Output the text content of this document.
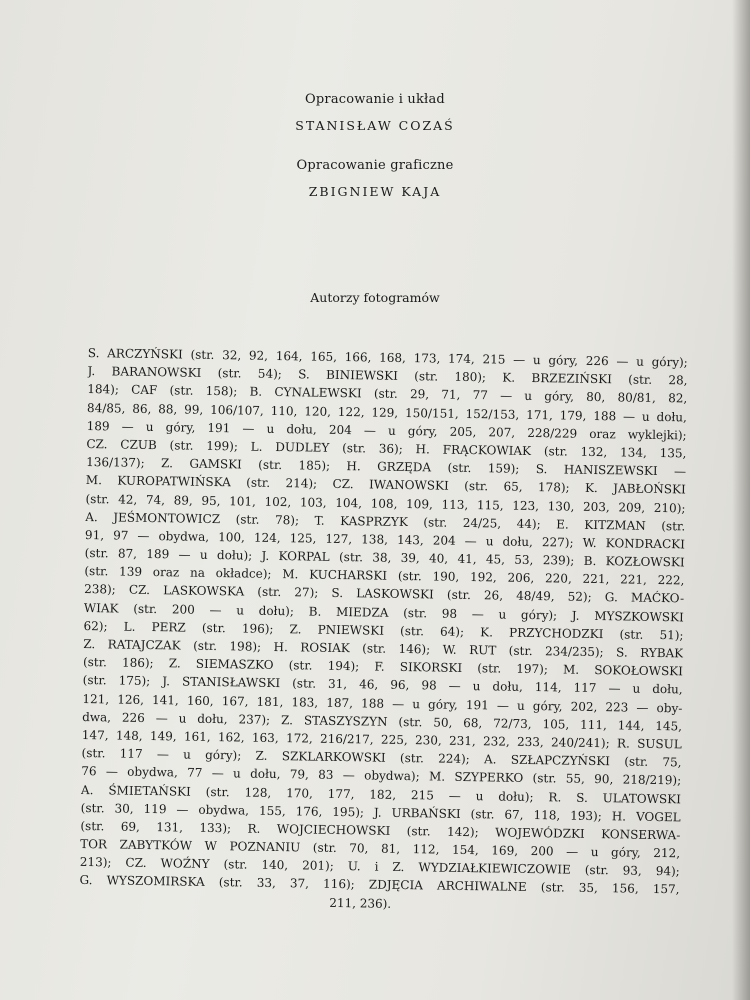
Opracowanie i układ
STANISŁAW COZAŚ
Opracowanie graficzne
ZBIGNIEW KAJA
Autorzy fotogramów
S. ARCZYŃSKI (str. 32, 92, 164, 165, 166, 168, 173, 174, 215 — u góry, 226 — u góry);
J. BARANOWSKI (str. 54); S. BINIEWSKI (str. 180); K. BRZEZIŃSKI (str. 28,
184); CAF (str. 158); B. CYNALEWSKI (str. 29, 71, 77 — u góry, 80, 80/81, 82,
84/85, 86, 88, 99, 106/107, 110, 120, 122, 129, 150/151, 152/153, 171, 179, 188 — u dołu,
189 — u góry, 191 — u dołu, 204 — u góry, 205, 207, 228/229 oraz wyklejki);
CZ. CZUB (str. 199); L. DUDLEY (str. 36); H. FRĄCKOWIAK (str. 132, 134, 135,
136/137); Z. GAMSKI (str. 185); H. GRZĘDA (str. 159); S. HANISZEWSKI —
M. KUROPATWIŃSKA (str. 214); CZ. IWANOWSKI (str. 65, 178); K. JABŁOŃSKI
(str. 42, 74, 89, 95, 101, 102, 103, 104, 108, 109, 113, 115, 123, 130, 203, 209, 210);
A. JEŚMONTOWICZ (str. 78); T. KASPRZYK (str. 24/25, 44); E. KITZMAN (str.
91, 97 — obydwa, 100, 124, 125, 127, 138, 143, 204 — u dołu, 227); W. KONDRACKI
(str. 87, 189 — u dołu); J. KORPAL (str. 38, 39, 40, 41, 45, 53, 239); B. KOZŁOWSKI
(str. 139 oraz na okładce); M. KUCHARSKI (str. 190, 192, 206, 220, 221, 221, 222,
238); CZ. LASKOWSKA (str. 27); S. LASKOWSKI (str. 26, 48/49, 52); G. MAĆKO-
WIAK (str. 200 — u dołu); B. MIEDZA (str. 98 — u góry); J. MYSZKOWSKI
62); L. PERZ (str. 196); Z. PNIEWSKI (str. 64); K. PRZYCHODZKI (str. 51);
Z. RATAJCZAK (str. 198); H. ROSIAK (str. 146); W. RUT (str. 234/235); S. RYBAK
(str. 186); Z. SIEMASZKO (str. 194); F. SIKORSKI (str. 197); M. SOKOŁOWSKI
(str. 175); J. STANISŁAWSKI (str. 31, 46, 96, 98 — u dołu, 114, 117 — u dołu,
121, 126, 141, 160, 167, 181, 183, 187, 188 — u góry, 191 — u góry, 202, 223 — oby-
dwa, 226 — u dołu, 237); Z. STASZYSZYN (str. 50, 68, 72/73, 105, 111, 144, 145,
147, 148, 149, 161, 162, 163, 172, 216/217, 225, 230, 231, 232, 233, 240/241); R. SUSUL
(str. 117 — u góry); Z. SZKLARKOWSKI (str. 224); A. SZŁAPCZYŃSKI (str. 75,
76 — obydwa, 77 — u dołu, 79, 83 — obydwa); M. SZYPERKO (str. 55, 90, 218/219);
A. ŚMIETAŃSKI (str. 128, 170, 177, 182, 215 — u dołu); R. S. ULATOWSKI
(str. 30, 119 — obydwa, 155, 176, 195); J. URBAŃSKI (str. 67, 118, 193); H. VOGEL
(str. 69, 131, 133); R. WOJCIECHOWSKI (str. 142); WOJEWÓDZKI KONSERWA-
TOR ZABYTKÓW W POZNANIU (str. 70, 81, 112, 154, 169, 200 — u góry, 212,
213); CZ. WOŹNY (str. 140, 201); U. i Z. WYDZIAŁKIEWICZOWIE (str. 93, 94);
G. WYSZOMIRSKA (str. 33, 37, 116); ZDJĘCIA ARCHIWALNE (str. 35, 156, 157,
211, 236).
